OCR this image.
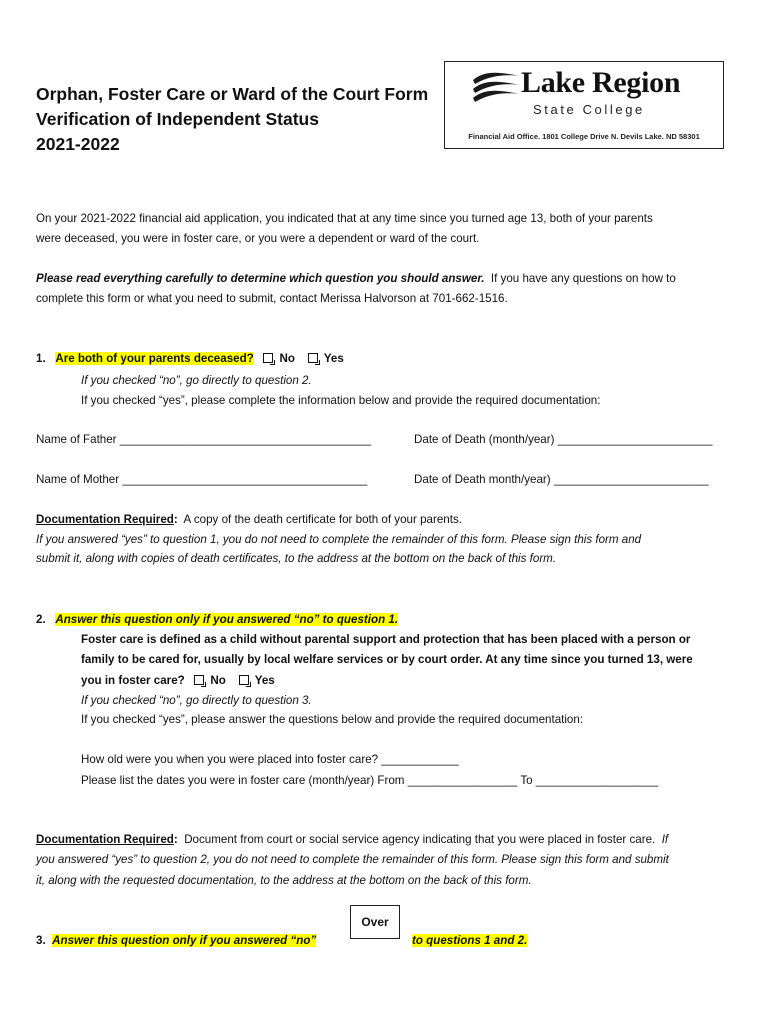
Orphan, Foster Care or Ward of the Court Form
Verification of Independent Status
2021-2022
Lake Region
State College
Financial Aid Office. 1801 College Drive N. Devils Lake. ND 58301
On your 2021-2022 financial aid application, you indicated that at any time since you turned age 13, both of your parents
were deceased, you were in foster care, or you were a dependent or ward of the court.
Please read everything carefully to determine which question you should answer. If you have any questions on how to
complete this form or what you need to submit, contact Merissa Halvorson at 701-662-1516.
1. Are both of your parents deceased? No Yes
If you checked “no”, go directly to question 2.
If you checked “yes”, please complete the information below and provide the required documentation:
Name of Father _______________________________________	Date of Death (month/year) ________________________
Name of Mother ______________________________________	Date of Death month/year) ________________________
Documentation Required: A copy of the death certificate for both of your parents.
If you answered “yes” to question 1, you do not need to complete the remainder of this form. Please sign this form and
submit it, along with copies of death certificates, to the address at the bottom on the back of this form.
2. Answer this question only if you answered “no” to question 1.
Foster care is defined as a child without parental support and protection that has been placed with a person or
family to be cared for, usually by local welfare services or by court order. At any time since you turned 13, were
you in foster care? No Yes
If you checked “no”, go directly to question 3.
If you checked “yes”, please answer the questions below and provide the required documentation:
How old were you when you were placed into foster care? ____________
Please list the dates you were in foster care (month/year) From _________________ To ___________________
Documentation Required: Document from court or social service agency indicating that you were placed in foster care. If
you answered “yes” to question 2, you do not need to complete the remainder of this form. Please sign this form and submit
it, along with the requested documentation, to the address at the bottom on the back of this form.
Over
3. Answer this question only if you answered “no”	to questions 1 and 2.
